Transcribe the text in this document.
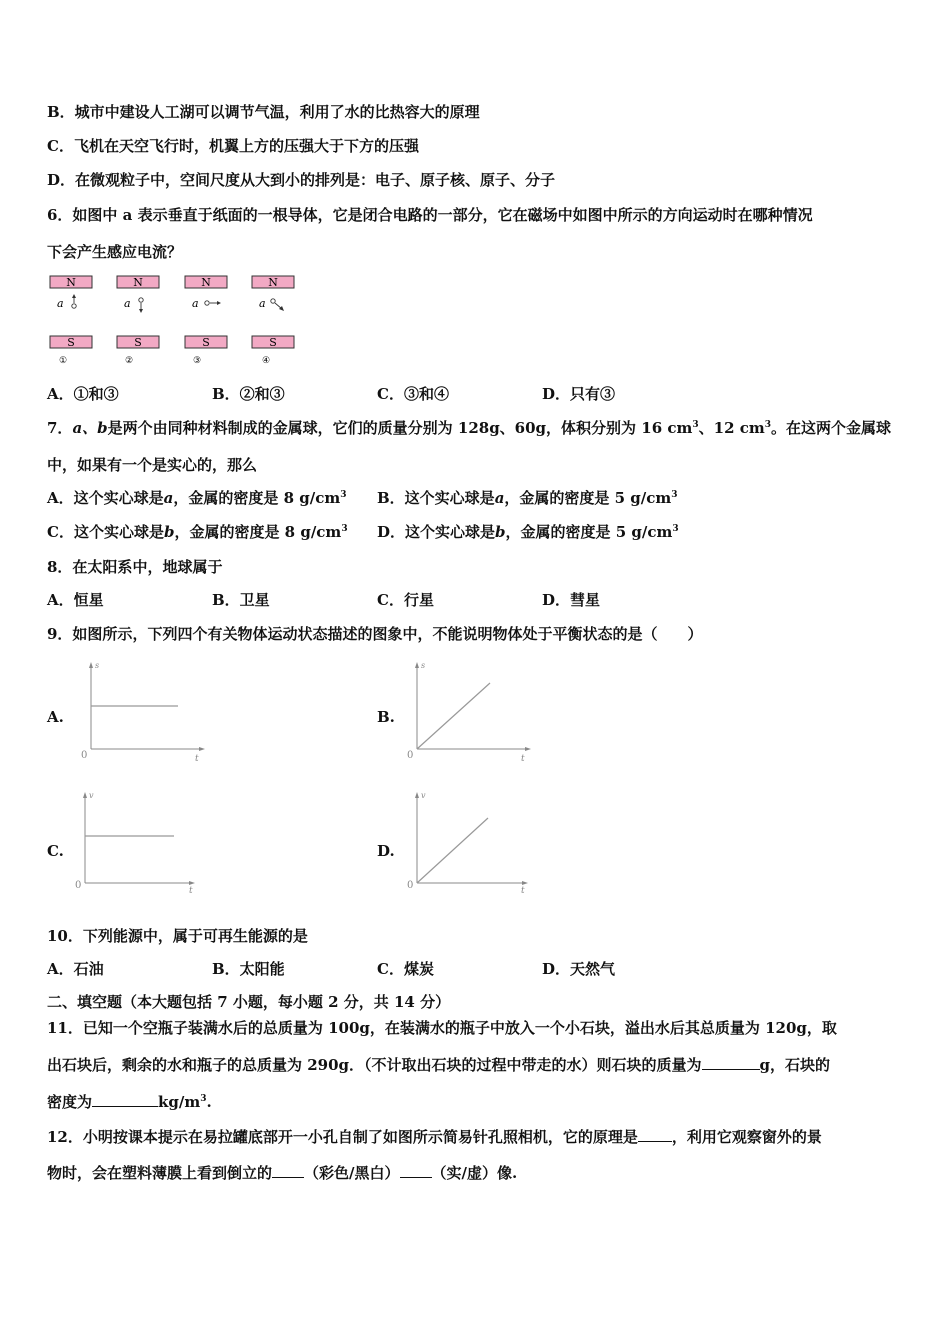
B．城市中建设人工湖可以调节气温，利用了水的比热容大的原理
C．飞机在天空飞行时，机翼上方的压强大于下方的压强
D．在微观粒子中，空间尺度从大到小的排列是：电子、原子核、原子、分子
6．如图中 a 表示垂直于纸面的一根导体，它是闭合电路的一部分，它在磁场中如图中所示的方向运动时在哪种情况
下会产生感应电流？
N	N	N	N
a	a	a	a
S	S	S	S
①	②	③	④
A．①和③	B．②和③	C．③和④	D．只有③
7．a、b是两个由同种材料制成的金属球，它们的质量分别为 128g、60g，体积分别为 16 $cm^3$、12 $cm^3$。在这两个金属球
中，如果有一个是实心的，那么
A．这个实心球是a，金属的密度是 8 $g/cm^3$ B．这个实心球是a，金属的密度是 5 $g/cm^3$
C．这个实心球是b，金属的密度是 8 $g/cm^3$ D．这个实心球是b，金属的密度是 5 $g/cm^3$
8．在太阳系中，地球属于
A．恒星	B．卫星	C．行星	D．彗星
9．如图所示，下列四个有关物体运动状态描述的图象中，不能说明物体处于平衡状态的是（　　）
A.
s
t
0
B.
s
t
0
C.
v
t
0
D.
v
t
0
10．下列能源中，属于可再生能源的是
A．石油	B．太阳能	C．煤炭	D．天然气
二、填空题（本大题包括 7 小题，每小题 2 分，共 14 分）
11．已知一个空瓶子装满水后的总质量为 100g，在装满水的瓶子中放入一个小石块，溢出水后其总质量为 120g，取
出石块后，剩余的水和瓶子的总质量为 290g．（不计取出石块的过程中带走的水）则石块的质量为	g，石块的
密度为	$kg/m^3$.
12．小明按课本提示在易拉罐底部开一小孔自制了如图所示简易针孔照相机，它的原理是 ，利用它观察窗外的景
物时，会在塑料薄膜上看到倒立的 （彩色/黑白） （实/虚）像.
